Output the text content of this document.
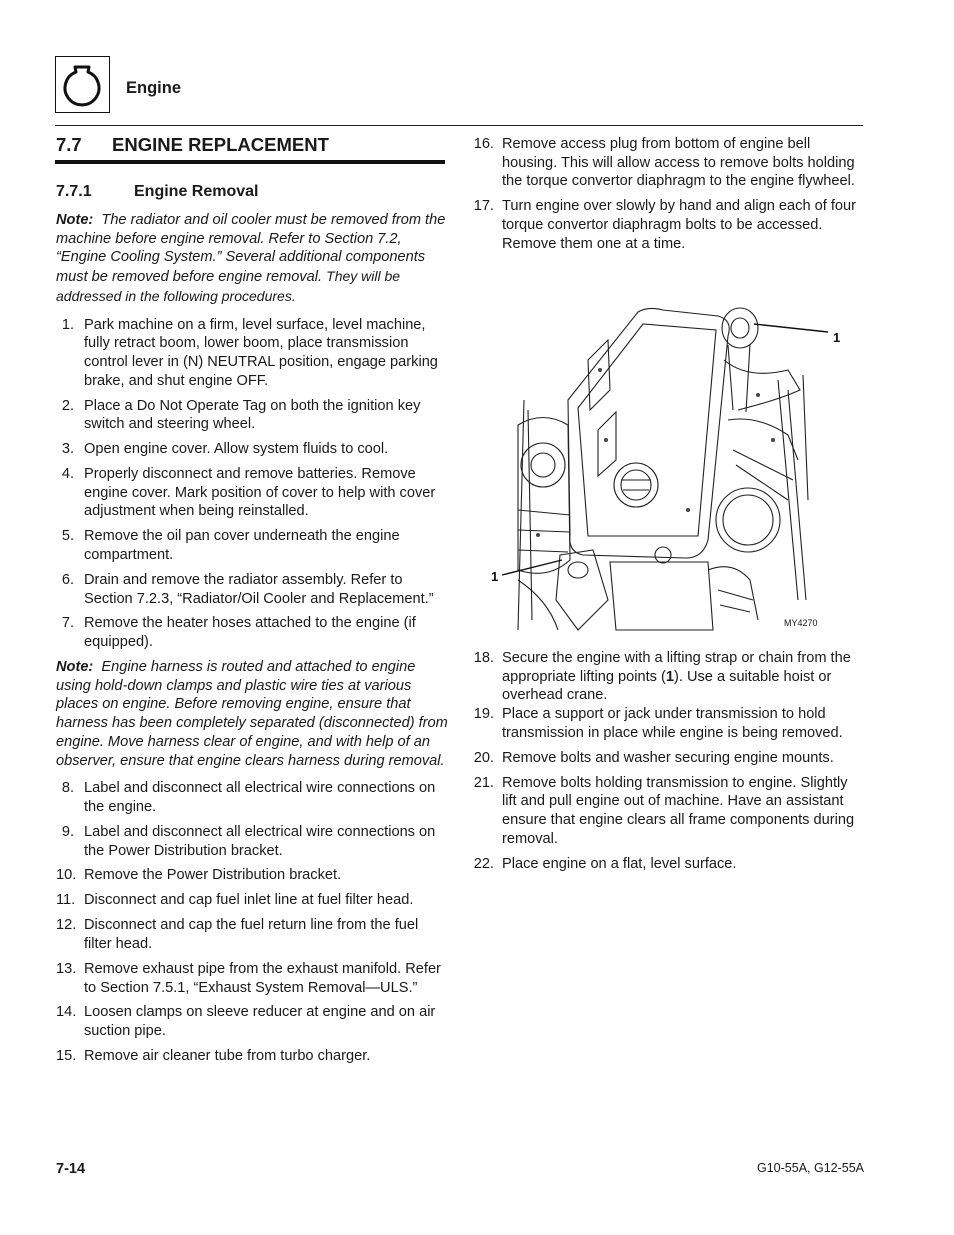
Engine
7.7 ENGINE REPLACEMENT
7.7.1	Engine Removal

Note: The radiator and oil cooler must be removed from the machine before engine removal. Refer to Section 7.2, “Engine Cooling System.” Several additional components must be removed before engine removal. They will be addressed in the following procedures.

1. Park machine on a firm, level surface, level machine, fully retract boom, lower boom, place transmission control lever in (N) NEUTRAL position, engage parking brake, and shut engine OFF.
2. Place a Do Not Operate Tag on both the ignition key switch and steering wheel.
3. Open engine cover. Allow system fluids to cool.
4. Properly disconnect and remove batteries. Remove engine cover. Mark position of cover to help with cover adjustment when being reinstalled.
5. Remove the oil pan cover underneath the engine compartment.
6. Drain and remove the radiator assembly. Refer to Section 7.2.3, “Radiator/Oil Cooler and Replacement.”
7. Remove the heater hoses attached to the engine (if equipped).

Note: Engine harness is routed and attached to engine using hold-down clamps and plastic wire ties at various places on engine. Before removing engine, ensure that harness has been completely separated (disconnected) from engine. Move harness clear of engine, and with help of an observer, ensure that engine clears harness during removal.

8. Label and disconnect all electrical wire connections on the engine.
9. Label and disconnect all electrical wire connections on the Power Distribution bracket.
10. Remove the Power Distribution bracket.
11. Disconnect and cap fuel inlet line at fuel filter head.
12. Disconnect and cap the fuel return line from the fuel filter head.
13. Remove exhaust pipe from the exhaust manifold. Refer to Section 7.5.1, “Exhaust System Removal—ULS.”
14. Loosen clamps on sleeve reducer at engine and on air suction pipe.
15. Remove air cleaner tube from turbo charger.
16. Remove access plug from bottom of engine bell housing. This will allow access to remove bolts holding the torque convertor diaphragm to the engine flywheel.
17. Turn engine over slowly by hand and align each of four torque convertor diaphragm bolts to be accessed. Remove them one at a time.
1
1
MY4270
18. Secure the engine with a lifting strap or chain from the appropriate lifting points (1). Use a suitable hoist or overhead crane.
19. Place a support or jack under transmission to hold transmission in place while engine is being removed.
20. Remove bolts and washer securing engine mounts.
21. Remove bolts holding transmission to engine. Slightly lift and pull engine out of machine. Have an assistant ensure that engine clears all frame components during removal.
22. Place engine on a flat, level surface.
7-14	G10-55A, G12-55A
